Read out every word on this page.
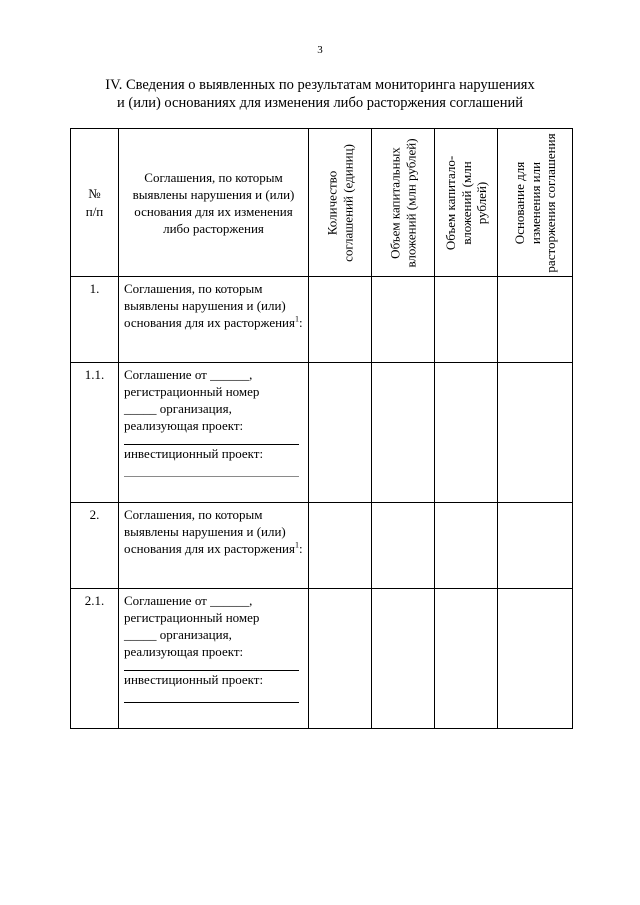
3
IV. Сведения о выявленных по результатам мониторинга нарушениях
и (или) основаниях для изменения либо расторжения соглашений
№
п/п	Соглашения, по которым выявлены нарушения и (или) основания для их изменения либо расторжения	Количество соглашений (единиц)	Объем капитальных вложений (млн рублей)	Объем капитало-вложений (млн рублей)	Основание для изменения или расторжения соглашения

1.	Соглашения, по которым выявлены нарушения и (или) основания для их расторжения$^1$:				
1.1.	Соглашение от ______,
регистрационный номер
_____ организация,
реализующая проект:
инвестиционный проект:				

2.	Соглашения, по которым выявлены нарушения и (или) основания для их расторжения$^1$:				
2.1.	Соглашение от ______,
регистрационный номер
_____ организация,
реализующая проект:
инвестиционный проект:				
